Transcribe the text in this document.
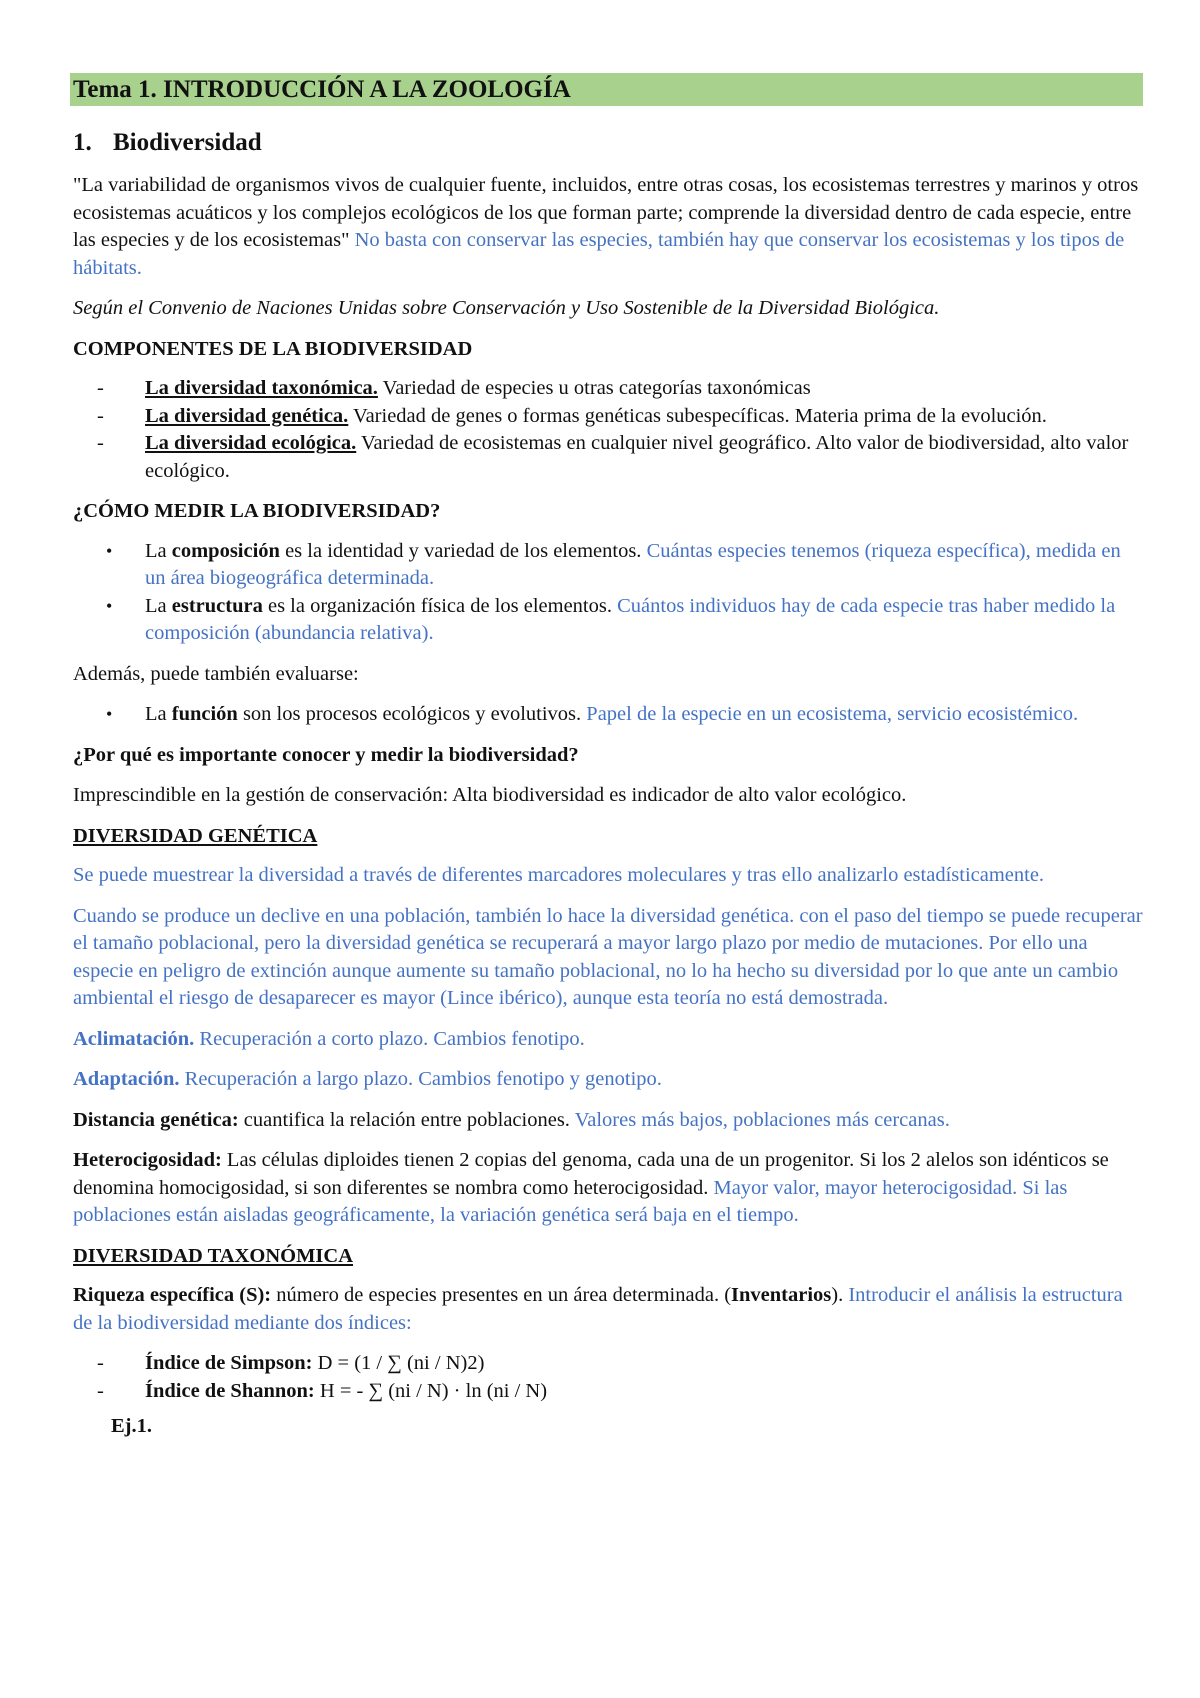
Tema 1. INTRODUCCIÓN A LA ZOOLOGÍA
1. Biodiversidad

"La variabilidad de organismos vivos de cualquier fuente, incluidos, entre otras cosas, los ecosistemas terrestres y marinos y otros ecosistemas acuáticos y los complejos ecológicos de los que forman parte; comprende la diversidad dentro de cada especie, entre las especies y de los ecosistemas" No basta con conservar las especies, también hay que conservar los ecosistemas y los tipos de hábitats.

Según el Convenio de Naciones Unidas sobre Conservación y Uso Sostenible de la Diversidad Biológica.

COMPONENTES DE LA BIODIVERSIDAD
- La diversidad taxonómica. Variedad de especies u otras categorías taxonómicas
- La diversidad genética. Variedad de genes o formas genéticas subespecíficas. Materia prima de la evolución.
- La diversidad ecológica. Variedad de ecosistemas en cualquier nivel geográfico. Alto valor de biodiversidad, alto valor ecológico.
¿CÓMO MEDIR LA BIODIVERSIDAD?
• La composición es la identidad y variedad de los elementos. Cuántas especies tenemos (riqueza específica), medida en un área biogeográfica determinada.
• La estructura es la organización física de los elementos. Cuántos individuos hay de cada especie tras haber medido la composición (abundancia relativa).

Además, puede también evaluarse:

• La función son los procesos ecológicos y evolutivos. Papel de la especie en un ecosistema, servicio ecosistémico.

¿Por qué es importante conocer y medir la biodiversidad?

Imprescindible en la gestión de conservación: Alta biodiversidad es indicador de alto valor ecológico.

DIVERSIDAD GENÉTICA

Se puede muestrear la diversidad a través de diferentes marcadores moleculares y tras ello analizarlo estadísticamente.

Cuando se produce un declive en una población, también lo hace la diversidad genética. con el paso del tiempo se puede recuperar el tamaño poblacional, pero la diversidad genética se recuperará a mayor largo plazo por medio de mutaciones. Por ello una especie en peligro de extinción aunque aumente su tamaño poblacional, no lo ha hecho su diversidad por lo que ante un cambio ambiental el riesgo de desaparecer es mayor (Lince ibérico), aunque esta teoría no está demostrada.

Aclimatación. Recuperación a corto plazo. Cambios fenotipo.

Adaptación. Recuperación a largo plazo. Cambios fenotipo y genotipo.

Distancia genética: cuantifica la relación entre poblaciones. Valores más bajos, poblaciones más cercanas.

Heterocigosidad: Las células diploides tienen 2 copias del genoma, cada una de un progenitor. Si los 2 alelos son idénticos se denomina homocigosidad, si son diferentes se nombra como heterocigosidad. Mayor valor, mayor heterocigosidad. Si las poblaciones están aisladas geográficamente, la variación genética será baja en el tiempo.

DIVERSIDAD TAXONÓMICA

Riqueza específica (S): número de especies presentes en un área determinada. (Inventarios). Introducir el análisis la estructura de la biodiversidad mediante dos índices:

- Índice de Simpson: D = (1 / ∑ (ni / N)2)
- Índice de Shannon: H = - ∑ (ni / N) · ln (ni / N)
Ej.1.
